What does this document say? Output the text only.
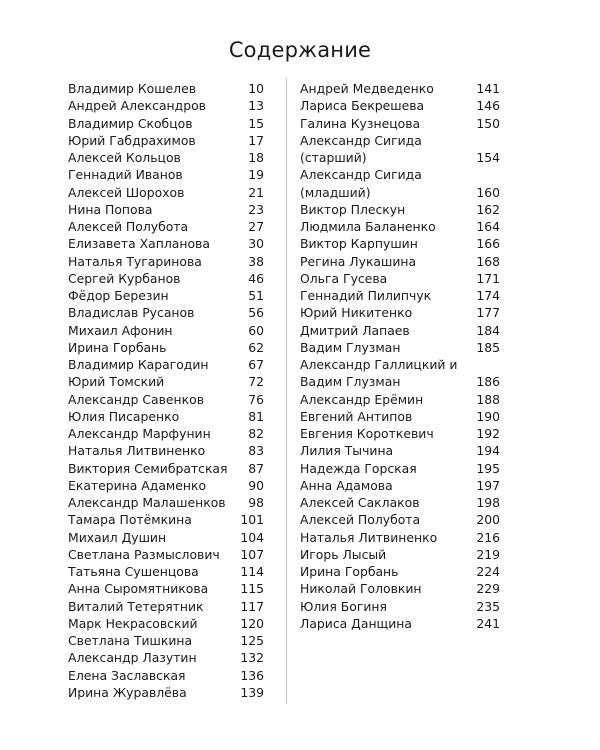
Содержание
Владимир Кошелев	10
Андрей Александров	13
Владимир Скобцов	15
Юрий Габдрахимов	17
Алексей Кольцов	18
Геннадий Иванов	19
Алексей Шорохов	21
Нина Попова	23
Алексей Полубота	27
Елизавета Хапланова	30
Наталья Тугаринова	38
Сергей Курбанов	46
Фёдор Березин	51
Владислав Русанов	56
Михаил Афонин	60
Ирина Горбань	62
Владимир Карагодин	67
Юрий Томский	72
Александр Савенков	76
Юлия Писаренко	81
Александр Марфунин	82
Наталья Литвиненко	83
Виктория Семибратская	87
Екатерина Адаменко	90
Александр Малашенков	98
Тамара Потёмкина	101
Михаил Душин	104
Светлана Размыслович	107
Татьяна Сушенцова	114
Анна Сыромятникова	115
Виталий Тетерятник	117
Марк Некрасовский	120
Светлана Тишкина	125
Александр Лазутин	132
Елена Заславская	136
Ирина Журавлёва	139
Андрей Медведенко	141
Лариса Бекрешева	146
Галина Кузнецова	150
Александр Сигида
(старший)	154
Александр Сигида
(младший)	160
Виктор Плескун	162
Людмила Баланенко	164
Виктор Карпушин	166
Регина Лукашина	168
Ольга Гусева	171
Геннадий Пилипчук	174
Юрий Никитенко	177
Дмитрий Лапаев	184
Вадим Глузман	185
Александр Галлицкий и
Вадим Глузман	186
Александр Ерёмин	188
Евгений Антипов	190
Евгения Короткевич	192
Лилия Тычина	194
Надежда Горская	195
Анна Адамова	197
Алексей Саклаков	198
Алексей Полубота	200
Наталья Литвиненко	216
Игорь Лысый	219
Ирина Горбань	224
Николай Головкин	229
Юлия Богиня	235
Лариса Данщина	241
